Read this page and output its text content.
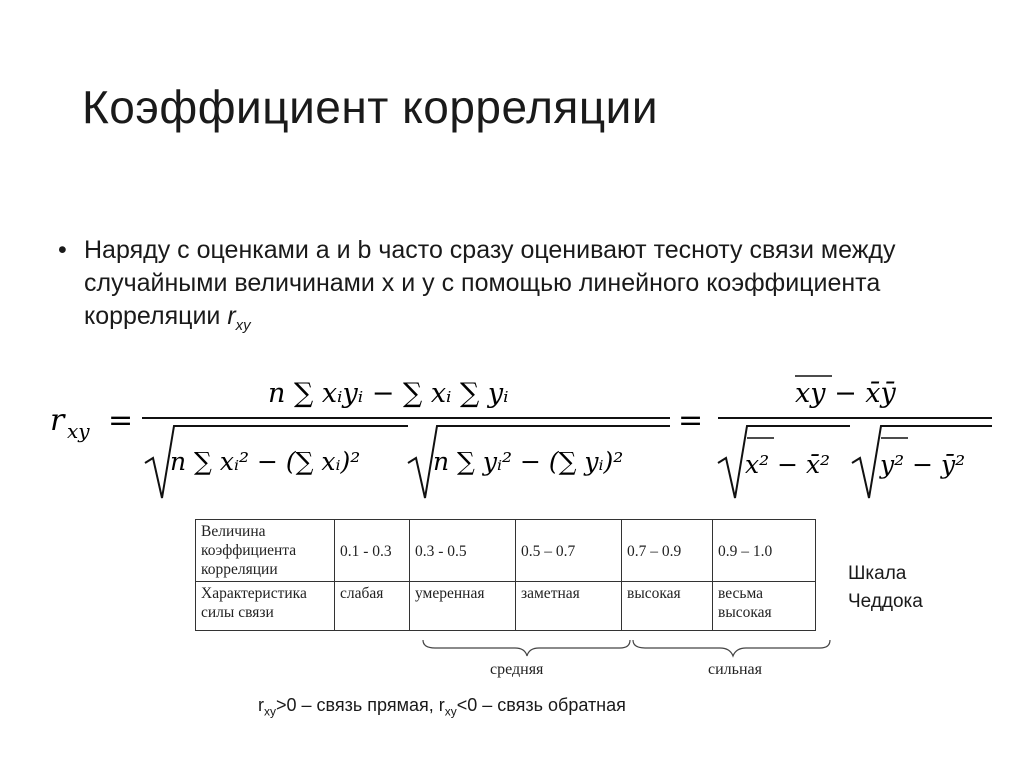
Коэффициент корреляции
• Наряду с оценками a и b часто сразу оценивают тесноту связи между случайными величинами x и y с помощью линейного коэффициента корреляции $r_{xy}$
r xy =
n ∑ xᵢyᵢ − ∑ xᵢ ∑ yᵢ
n ∑ xᵢ² − (∑ xᵢ)²	n ∑ yᵢ² − (∑ yᵢ)²
=
xy − x̄ȳ
x² − x̄² y² − ȳ²
Величина коэффициента корреляции	0.1 - 0.3	0.3 - 0.5	0.5 – 0.7	0.7 – 0.9	0.9 – 1.0
Характеристика силы связи	слабая	умеренная	заметная	высокая	весьма высокая
средняя	сильная
Шкала Чеддока
$r_{xy}>0$ – связь прямая, $r_{xy}<0$ – связь обратная
